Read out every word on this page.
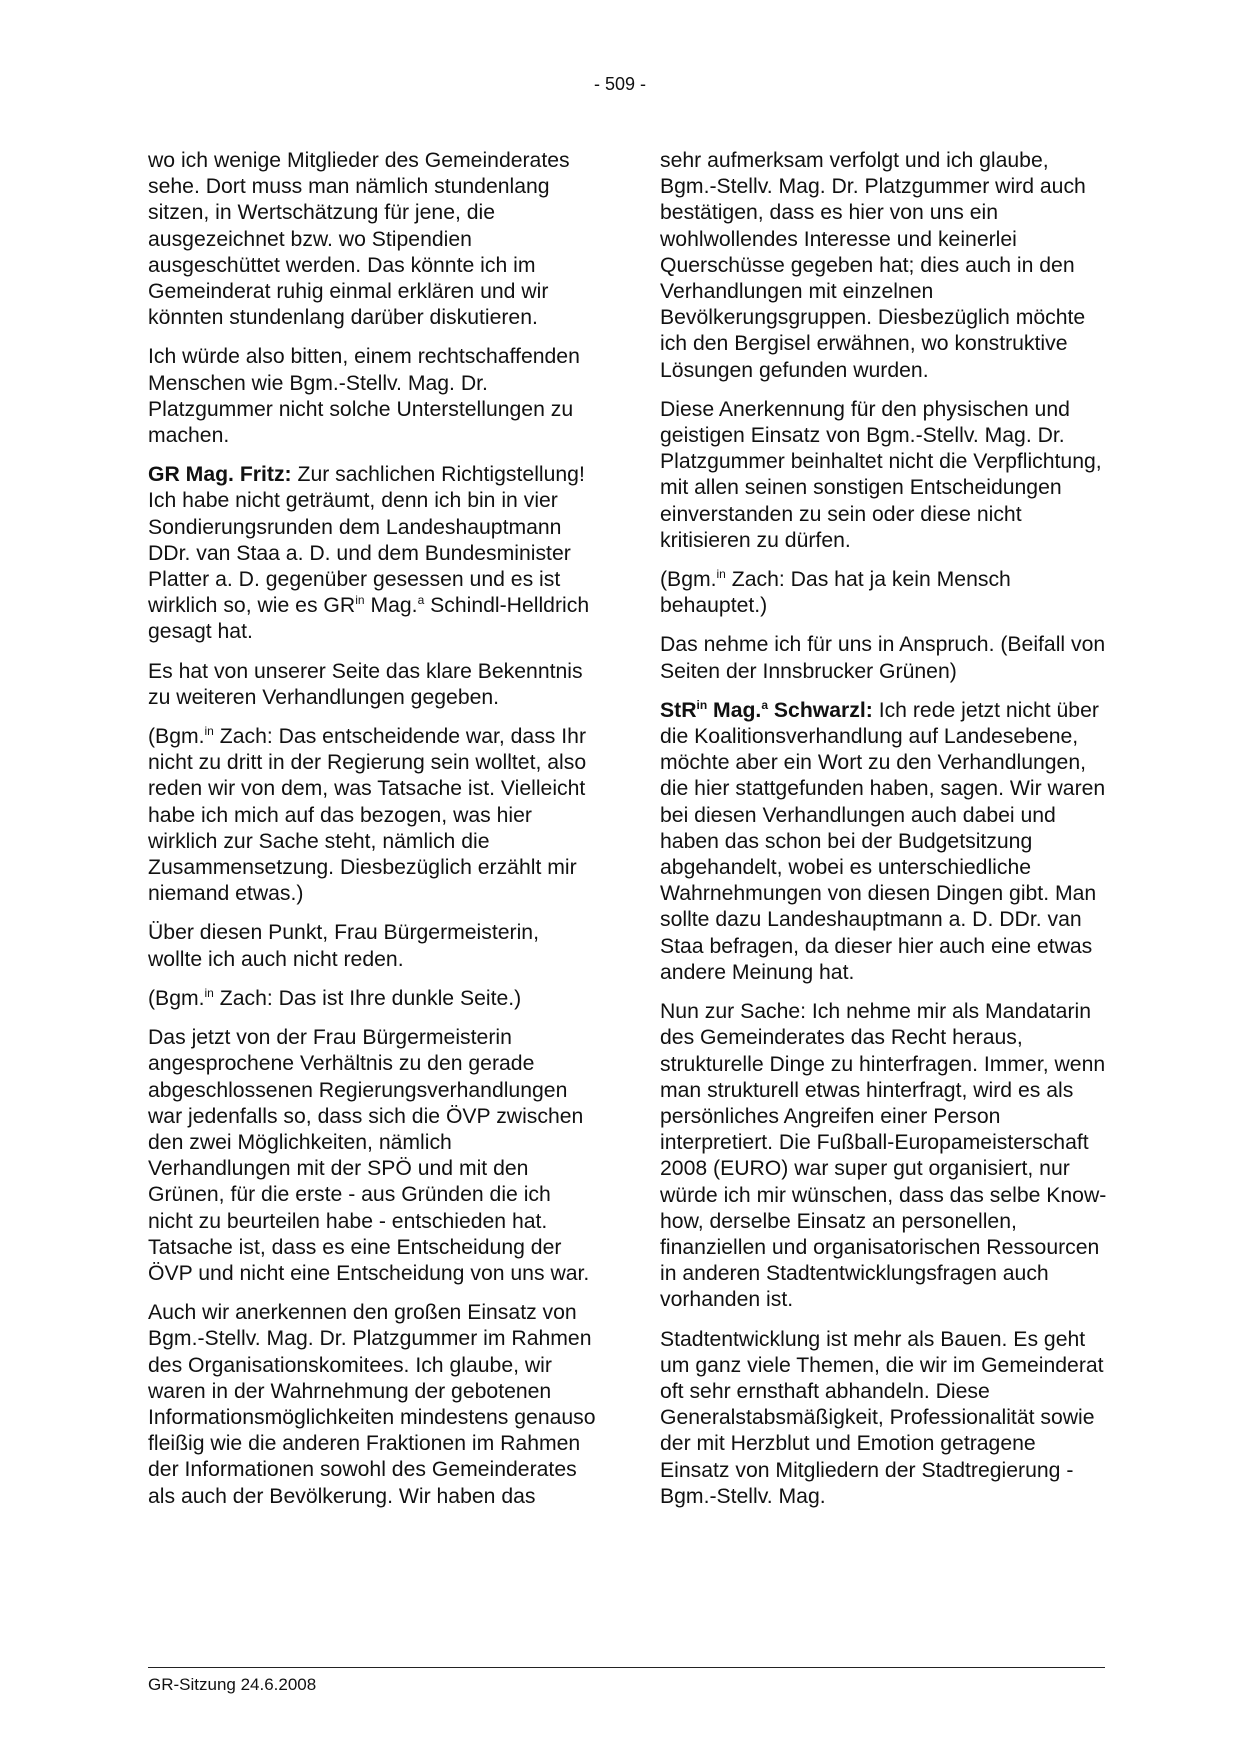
- 509 -

wo ich wenige Mitglieder des Gemeinderates sehe. Dort muss man nämlich stundenlang sitzen, in Wertschätzung für jene, die ausgezeichnet bzw. wo Stipendien ausgeschüttet werden. Das könnte ich im Gemeinderat ruhig einmal erklären und wir könnten stundenlang darüber diskutieren.

Ich würde also bitten, einem rechtschaffenden Menschen wie Bgm.-Stellv. Mag. Dr. Platzgummer nicht solche Unterstellungen zu machen.

GR Mag. Fritz: Zur sachlichen Richtigstellung! Ich habe nicht geträumt, denn ich bin in vier Sondierungsrunden dem Landeshauptmann DDr. van Staa a. D. und dem Bundesminister Platter a. D. gegenüber gesessen und es ist wirklich so, wie es $GR^{in}$ Mag.$^a$ Schindl-Helldrich gesagt hat.

Es hat von unserer Seite das klare Bekenntnis zu weiteren Verhandlungen gegeben.

(Bgm.$^{in}$ Zach: Das entscheidende war, dass Ihr nicht zu dritt in der Regierung sein wolltet, also reden wir von dem, was Tatsache ist. Vielleicht habe ich mich auf das bezogen, was hier wirklich zur Sache steht, nämlich die Zusammensetzung. Diesbezüglich erzählt mir niemand etwas.)

Über diesen Punkt, Frau Bürgermeisterin, wollte ich auch nicht reden.

(Bgm.$^{in}$ Zach: Das ist Ihre dunkle Seite.)

Das jetzt von der Frau Bürgermeisterin angesprochene Verhältnis zu den gerade abgeschlossenen Regierungsverhandlungen war jedenfalls so, dass sich die ÖVP zwischen den zwei Möglichkeiten, nämlich Verhandlungen mit der SPÖ und mit den Grünen, für die erste - aus Gründen die ich nicht zu beurteilen habe - entschieden hat. Tatsache ist, dass es eine Entscheidung der ÖVP und nicht eine Entscheidung von uns war.

Auch wir anerkennen den großen Einsatz von Bgm.-Stellv. Mag. Dr. Platzgummer im Rahmen des Organisationskomitees. Ich glaube, wir waren in der Wahrnehmung der gebotenen Informationsmöglichkeiten mindestens genauso fleißig wie die anderen Fraktionen im Rahmen der Informationen sowohl des Gemeinderates als auch der Bevölkerung. Wir haben das

sehr aufmerksam verfolgt und ich glaube, Bgm.-Stellv. Mag. Dr. Platzgummer wird auch bestätigen, dass es hier von uns ein wohlwollendes Interesse und keinerlei Querschüsse gegeben hat; dies auch in den Verhandlungen mit einzelnen Bevölkerungsgruppen. Diesbezüglich möchte ich den Bergisel erwähnen, wo konstruktive Lösungen gefunden wurden.

Diese Anerkennung für den physischen und geistigen Einsatz von Bgm.-Stellv. Mag. Dr. Platzgummer beinhaltet nicht die Verpflichtung, mit allen seinen sonstigen Entscheidungen einverstanden zu sein oder diese nicht kritisieren zu dürfen.

(Bgm.$^{in}$ Zach: Das hat ja kein Mensch behauptet.)

Das nehme ich für uns in Anspruch. (Beifall von Seiten der Innsbrucker Grünen)

StR$^{in}$ Mag.$^a$ Schwarzl: Ich rede jetzt nicht über die Koalitionsverhandlung auf Landesebene, möchte aber ein Wort zu den Verhandlungen, die hier stattgefunden haben, sagen. Wir waren bei diesen Verhandlungen auch dabei und haben das schon bei der Budgetsitzung abgehandelt, wobei es unterschiedliche Wahrnehmungen von diesen Dingen gibt. Man sollte dazu Landeshauptmann a. D. DDr. van Staa befragen, da dieser hier auch eine etwas andere Meinung hat.

Nun zur Sache: Ich nehme mir als Mandatarin des Gemeinderates das Recht heraus, strukturelle Dinge zu hinterfragen. Immer, wenn man strukturell etwas hinterfragt, wird es als persönliches Angreifen einer Person interpretiert. Die Fußball-Europameisterschaft 2008 (EURO) war super gut organisiert, nur würde ich mir wünschen, dass das selbe Know-how, derselbe Einsatz an personellen, finanziellen und organisatorischen Ressourcen in anderen Stadtentwicklungsfragen auch vorhanden ist.

Stadtentwicklung ist mehr als Bauen. Es geht um ganz viele Themen, die wir im Gemeinderat oft sehr ernsthaft abhandeln. Diese Generalstabsmäßigkeit, Professionalität sowie der mit Herzblut und Emotion getragene Einsatz von Mitgliedern der Stadtregierung - Bgm.-Stellv. Mag.

GR-Sitzung 24.6.2008
